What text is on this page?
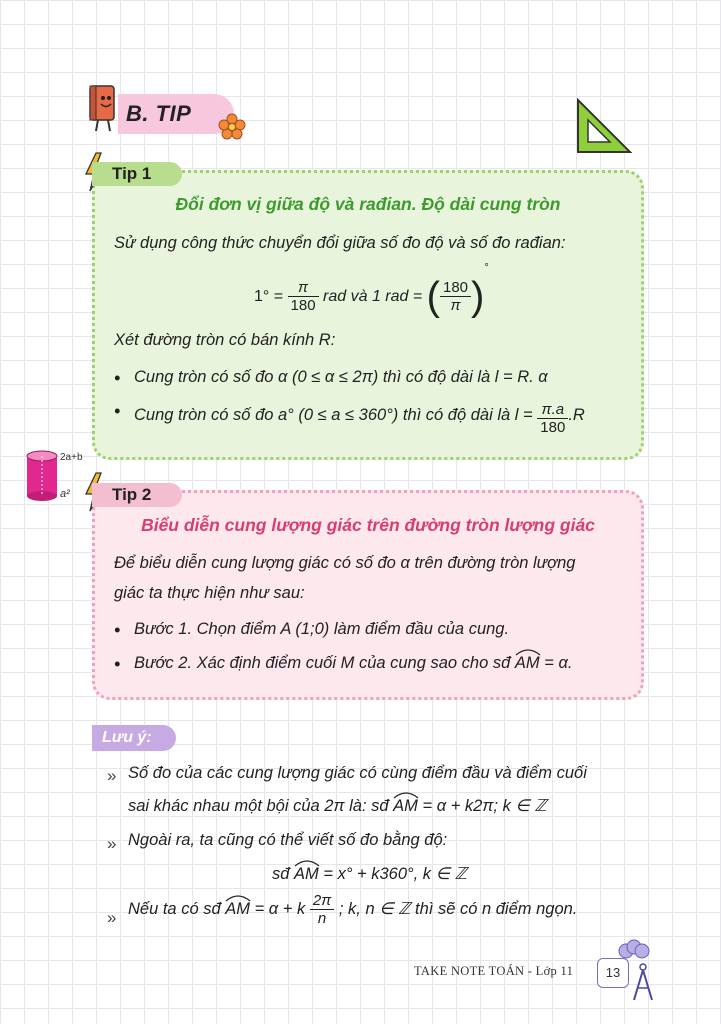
B. TIP
2a+b
a²
Tip 1
Đổi đơn vị giữa độ và rađian. Độ dài cung tròn
Sử dụng công thức chuyển đổi giữa số đo độ và số đo rađian:
$1^\circ = \frac{\pi}{180}$ rad và 1 rad = ( $\frac{180}{\pi} )^\circ$
Xét đường tròn có bán kính R:
• Cung tròn có số đo α (0 ≤ α ≤ 2π) thì có độ dài là l = R. α
• Cung tròn có số đo a° (0 ≤ a ≤ 360°) thì có độ dài là $l = \frac{\pi.a}{180} .R$
Tip 2
Biểu diễn cung lượng giác trên đường tròn lượng giác
Để biểu diễn cung lượng giác có số đo α trên đường tròn lượng
giác ta thực hiện như sau:
• Bước 1. Chọn điểm A (1;0) làm điểm đầu của cung.
• Bước 2. Xác định điểm cuối M của cung sao cho sđ AM = α.
Lưu ý:
» Số đo của các cung lượng giác có cùng điểm đầu và điểm cuối
sai khác nhau một bội của 2π là: sđ AM = α + k2π; k ∈ ℤ
» Ngoài ra, ta cũng có thể viết số đo bằng độ:
sđ AM = x° + k360°, k ∈ ℤ
» Nếu ta có sđ AM = α + k $\frac{2\pi}{n}$ ; k, n ∈ ℤ thì sẽ có n điểm ngọn.
TAKE NOTE TOÁN - Lớp 11	13
